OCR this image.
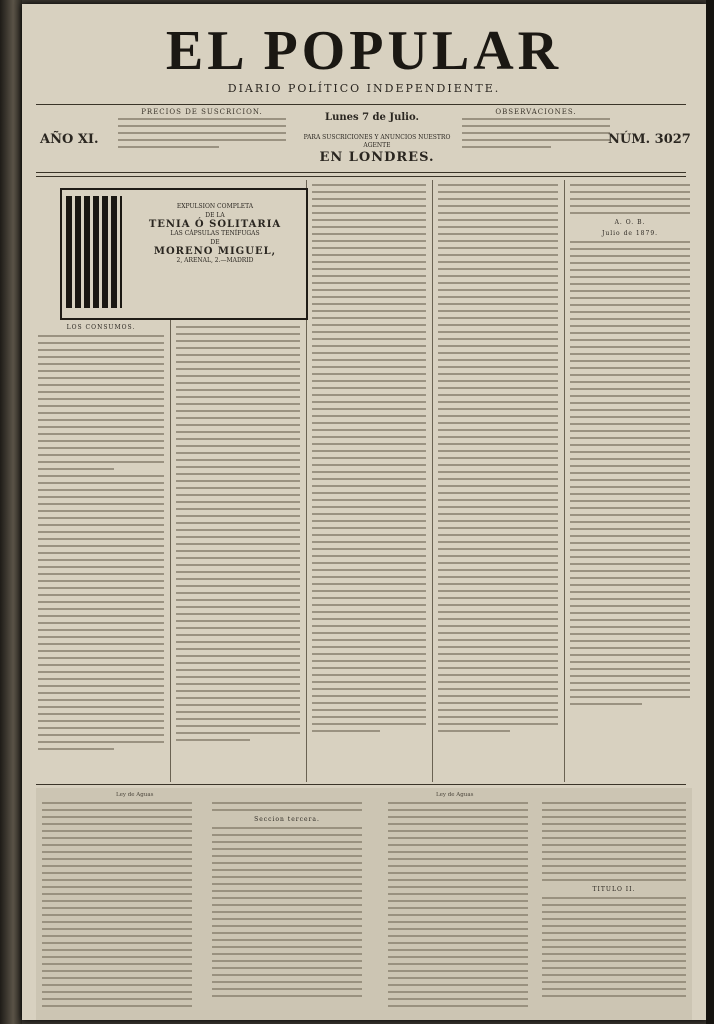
EL POPULAR
DIARIO POLÍTICO INDEPENDIENTE.
PRECIOS DE SUSCRICION.	OBSERVACIONES.
AÑO XI.	NÚM. 3027
Lunes 7 de Julio.
PARA SUSCRICIONES Y ANUNCIOS NUESTRO AGENTE
EN LONDRES.
EXPULSION COMPLETA
DE LA
TENIA Ó SOLITARIA
LAS CÁPSULAS TENÍFUGAS
DE
MORENO MIGUEL,
2, ARENAL, 2.—MADRID
LOS CONSUMOS.
A. O. B.
Julio de 1879.
Ley de Aguas	Ley de Aguas
Seccion tercera.
TITULO II.
